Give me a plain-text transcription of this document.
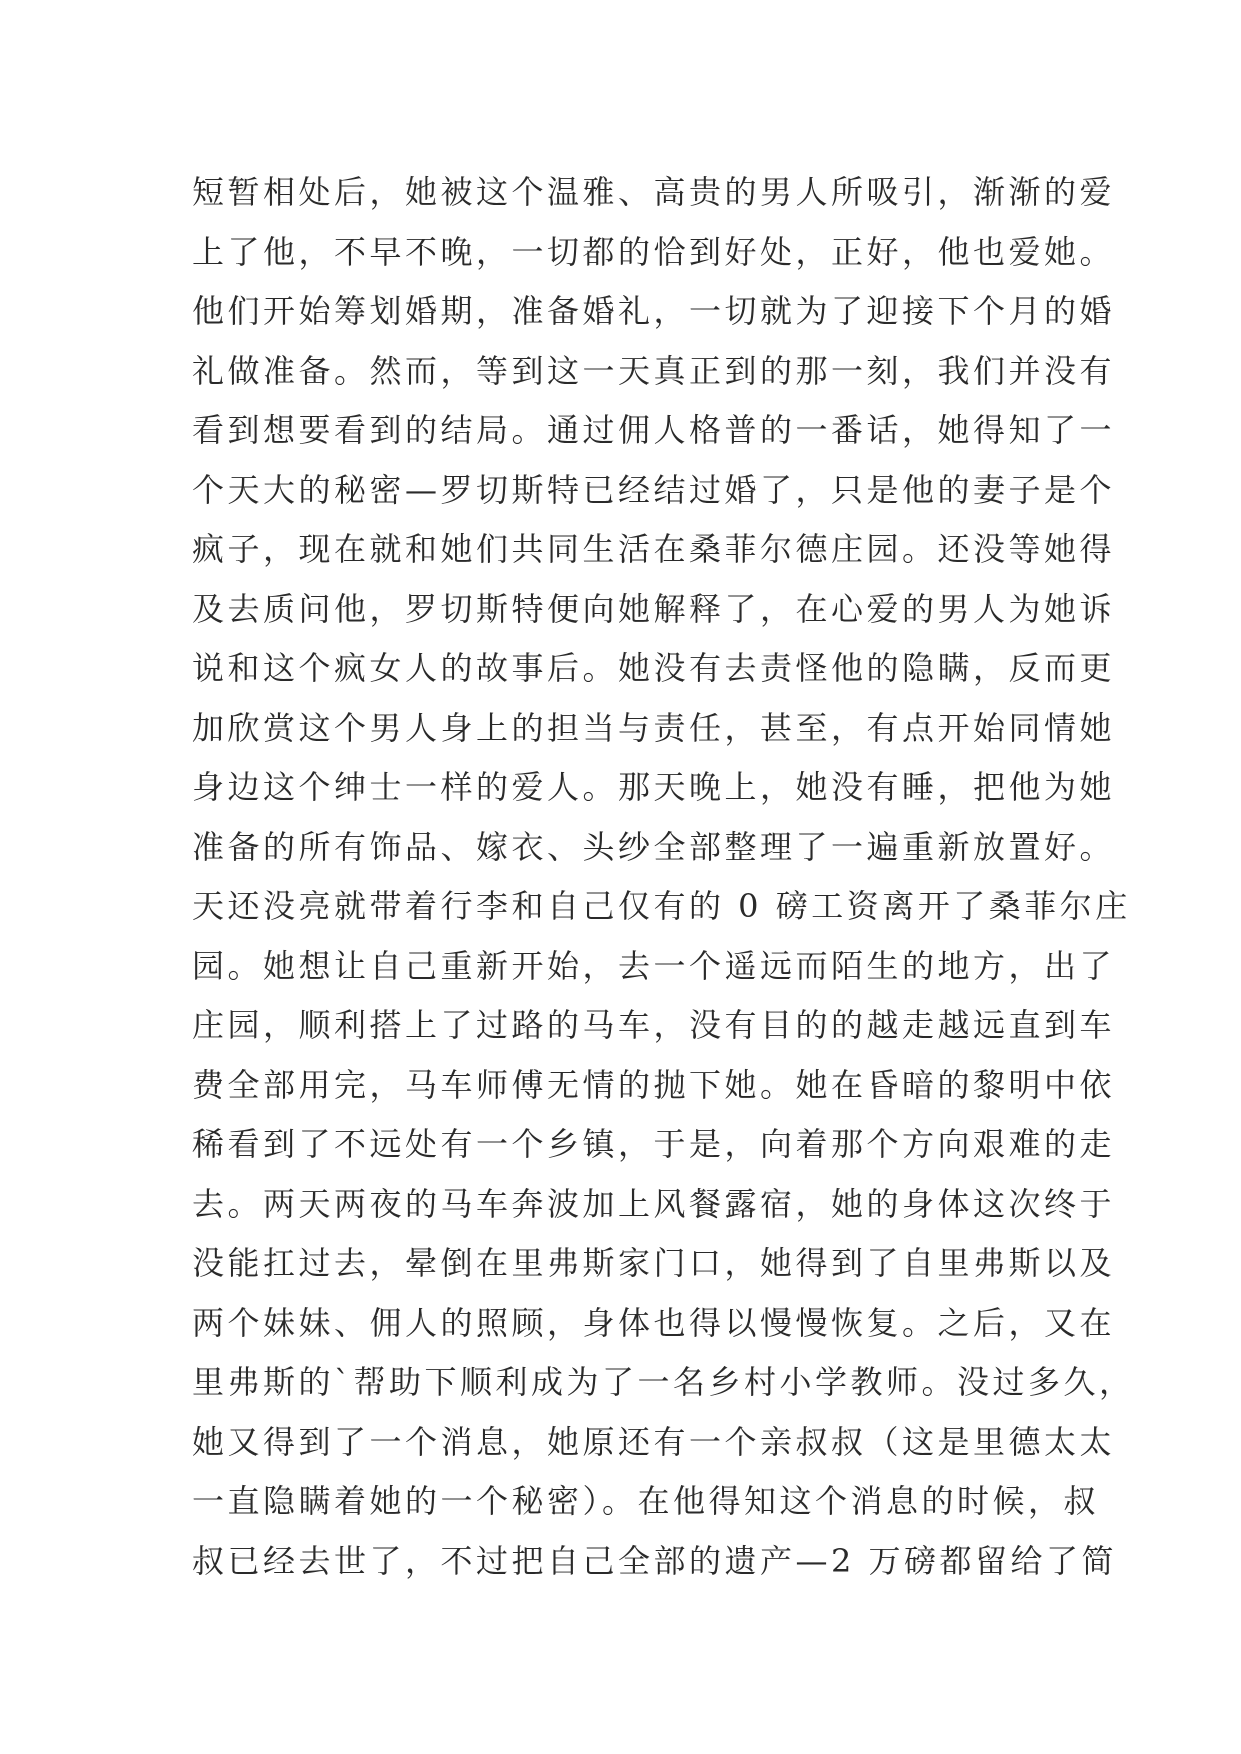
短暂相处后，她被这个温雅、高贵的男人所吸引，渐渐的爱
上了他，不早不晚，一切都的恰到好处，正好，他也爱她。
他们开始筹划婚期，准备婚礼，一切就为了迎接下个月的婚
礼做准备。然而，等到这一天真正到的那一刻，我们并没有
看到想要看到的结局。通过佣人格普的一番话，她得知了一
个天大的秘密—罗切斯特已经结过婚了，只是他的妻子是个
疯子，现在就和她们共同生活在桑菲尔德庄园。还没等她得
及去质问他，罗切斯特便向她解释了，在心爱的男人为她诉
说和这个疯女人的故事后。她没有去责怪他的隐瞒，反而更
加欣赏这个男人身上的担当与责任，甚至，有点开始同情她
身边这个绅士一样的爱人。那天晚上，她没有睡，把他为她
准备的所有饰品、嫁衣、头纱全部整理了一遍重新放置好。
天还没亮就带着行李和自己仅有的 0 磅工资离开了桑菲尔庄
园。她想让自己重新开始，去一个遥远而陌生的地方，出了
庄园，顺利搭上了过路的马车，没有目的的越走越远直到车
费全部用完，马车师傅无情的抛下她。她在昏暗的黎明中依
稀看到了不远处有一个乡镇，于是，向着那个方向艰难的走
去。两天两夜的马车奔波加上风餐露宿，她的身体这次终于
没能扛过去，晕倒在里弗斯家门口，她得到了自里弗斯以及
两个妹妹、佣人的照顾，身体也得以慢慢恢复。之后，又在
里弗斯的`帮助下顺利成为了一名乡村小学教师。没过多久，
她又得到了一个消息，她原还有一个亲叔叔（这是里德太太
一直隐瞒着她的一个秘密）。在他得知这个消息的时候，叔
叔已经去世了，不过把自己全部的遗产—2 万磅都留给了简
